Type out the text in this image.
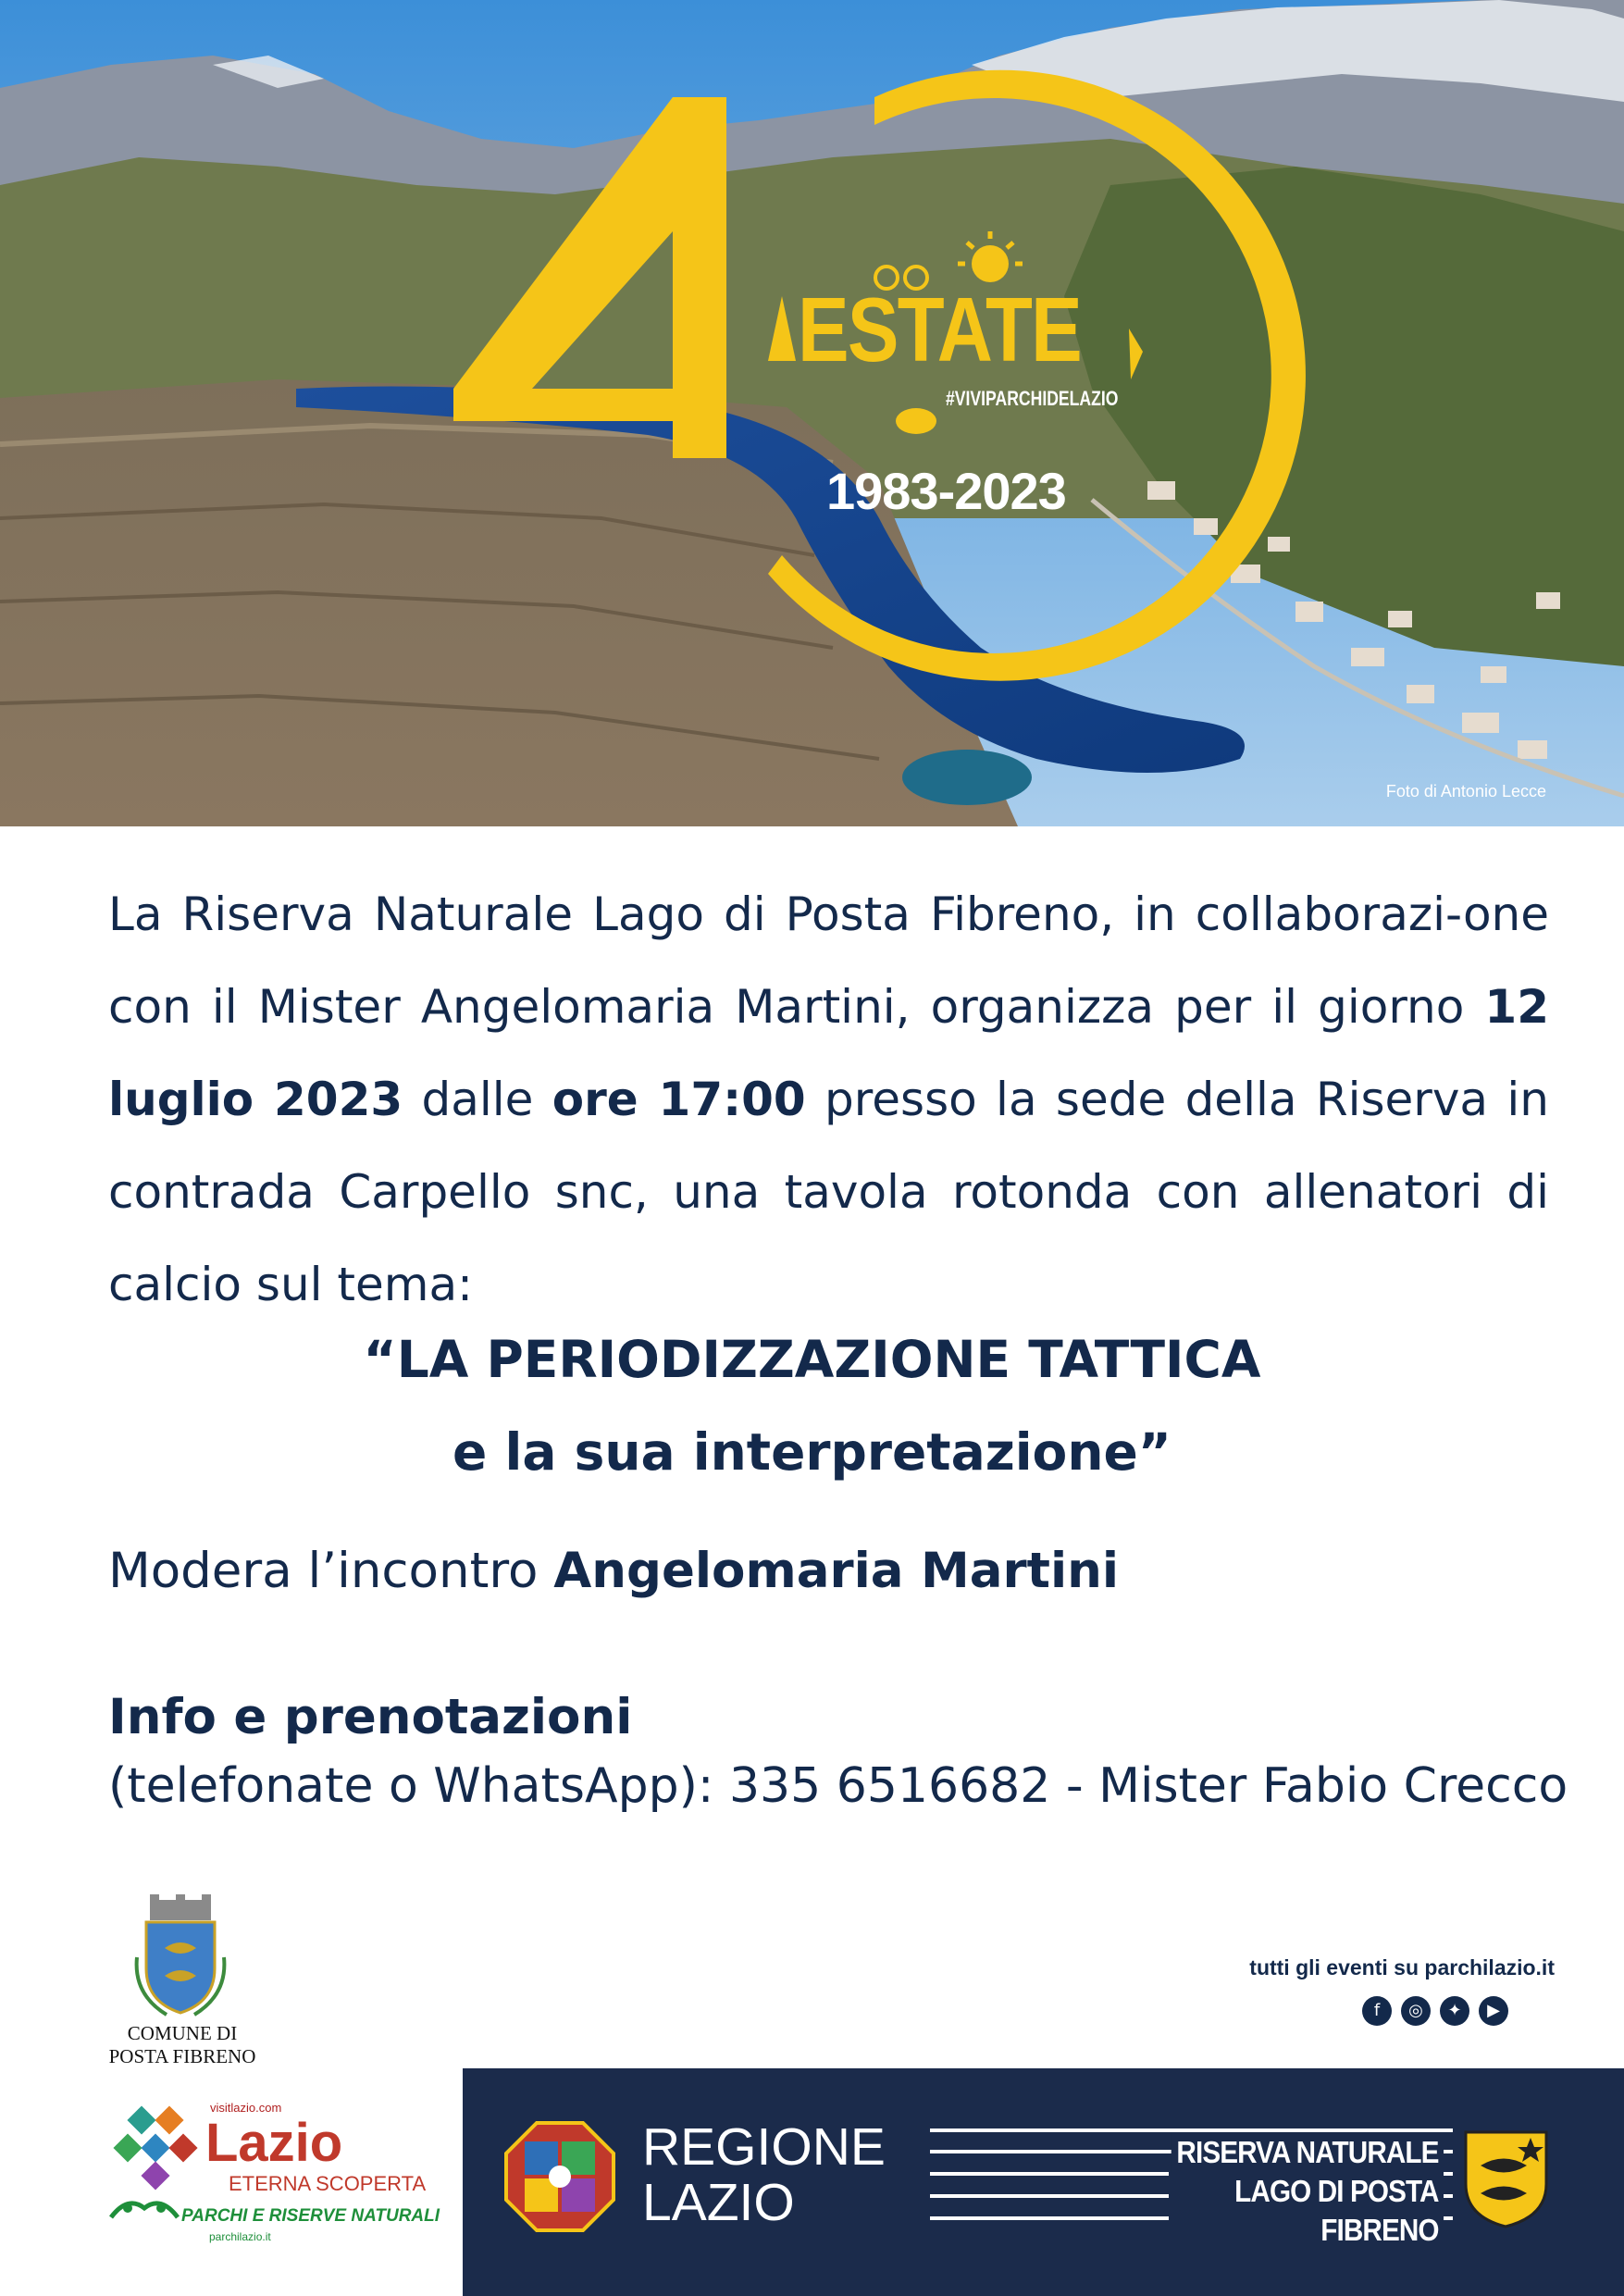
ESTATE
#VIVIPARCHIDELAZIO
1983-2023
Foto di Antonio Lecce

La Riserva Naturale Lago di Posta Fibreno, in collaborazi-one con il Mister Angelomaria Martini, organizza per il giorno 12 luglio 2023 dalle ore 17:00 presso la sede della Riserva in contrada Carpello snc, una tavola rotonda con allenatori di calcio sul tema:

“LA PERIODIZZAZIONE TATTICA
e la sua interpretazione”
Modera l’incontro Angelomaria Martini
Info e prenotazioni
(telefonate o WhatsApp): 335 6516682 - Mister Fabio Crecco
COMUNE DI
POSTA FIBRENO
tutti gli eventi su parchilazio.it
f	◎	✦	▶
visitlazio.com
Lazio
ETERNA SCOPERTA
PARCHI E RISERVE NATURALI
parchilazio.it
REGIONE
LAZIO
RISERVA NATURALE
LAGO DI POSTA FIBRENO
